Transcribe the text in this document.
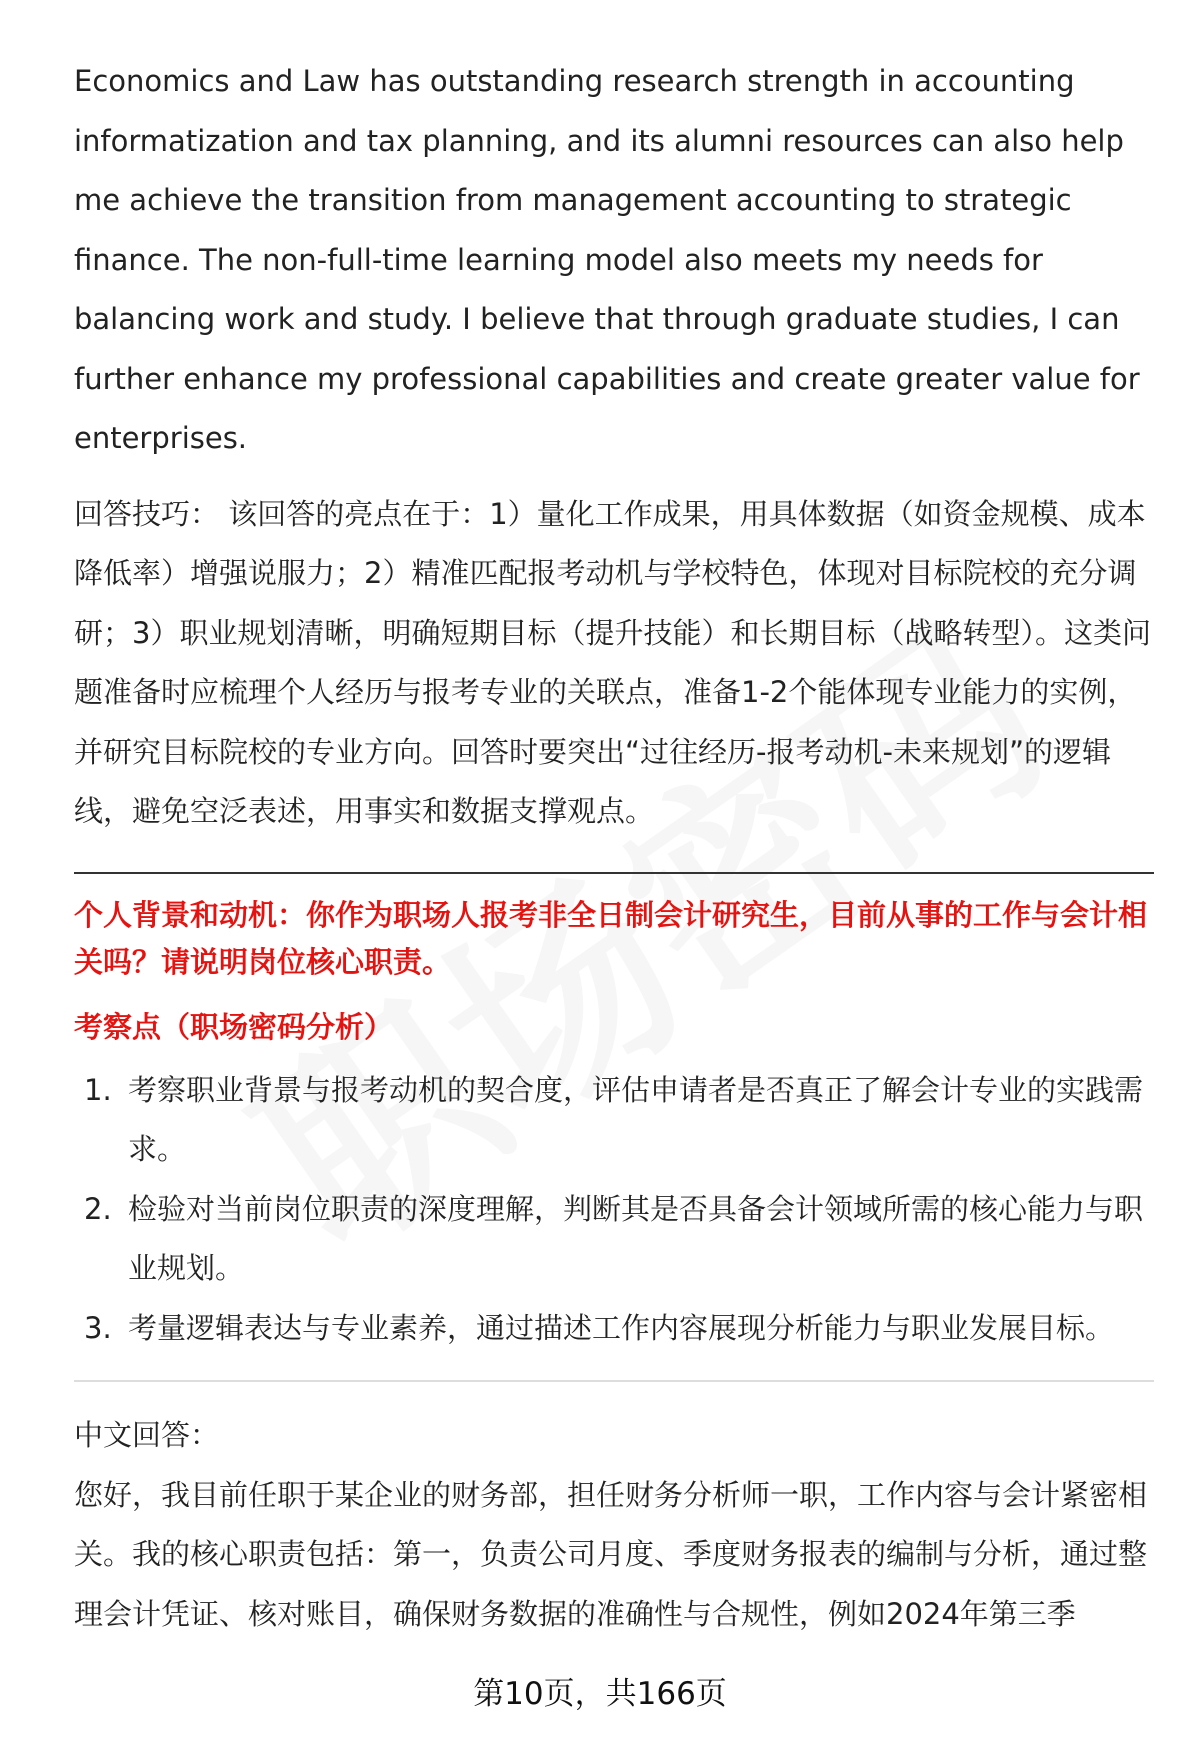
Economics and Law has outstanding research strength in accounting informatization and tax planning, and its alumni resources can also help me achieve the transition from management accounting to strategic finance. The non-full-time learning model also meets my needs for balancing work and study. I believe that through graduate studies, I can further enhance my professional capabilities and create greater value for enterprises.

回答技巧： 该回答的亮点在于：1）量化工作成果，用具体数据（如资金规模、成本降低率）增强说服力；2）精准匹配报考动机与学校特色，体现对目标院校的充分调研；3）职业规划清晰，明确短期目标（提升技能）和长期目标（战略转型）。这类问题准备时应梳理个人经历与报考专业的关联点，准备1-2个能体现专业能力的实例，并研究目标院校的专业方向。回答时要突出“过往经历-报考动机-未来规划”的逻辑线，避免空泛表述，用事实和数据支撑观点。

个人背景和动机：你作为职场人报考非全日制会计研究生，目前从事的工作与会计相关吗？请说明岗位核心职责。

考察点（职场密码分析）

1. 考察职业背景与报考动机的契合度，评估申请者是否真正了解会计专业的实践需求。
2. 检验对当前岗位职责的深度理解，判断其是否具备会计领域所需的核心能力与职业规划。
3. 考量逻辑表达与专业素养，通过描述工作内容展现分析能力与职业发展目标。

中文回答：

您好，我目前任职于某企业的财务部，担任财务分析师一职，工作内容与会计紧密相关。我的核心职责包括：第一，负责公司月度、季度财务报表的编制与分析，通过整理会计凭证、核对账目，确保财务数据的准确性与合规性，例如2024年第三季

第10页，共166页
